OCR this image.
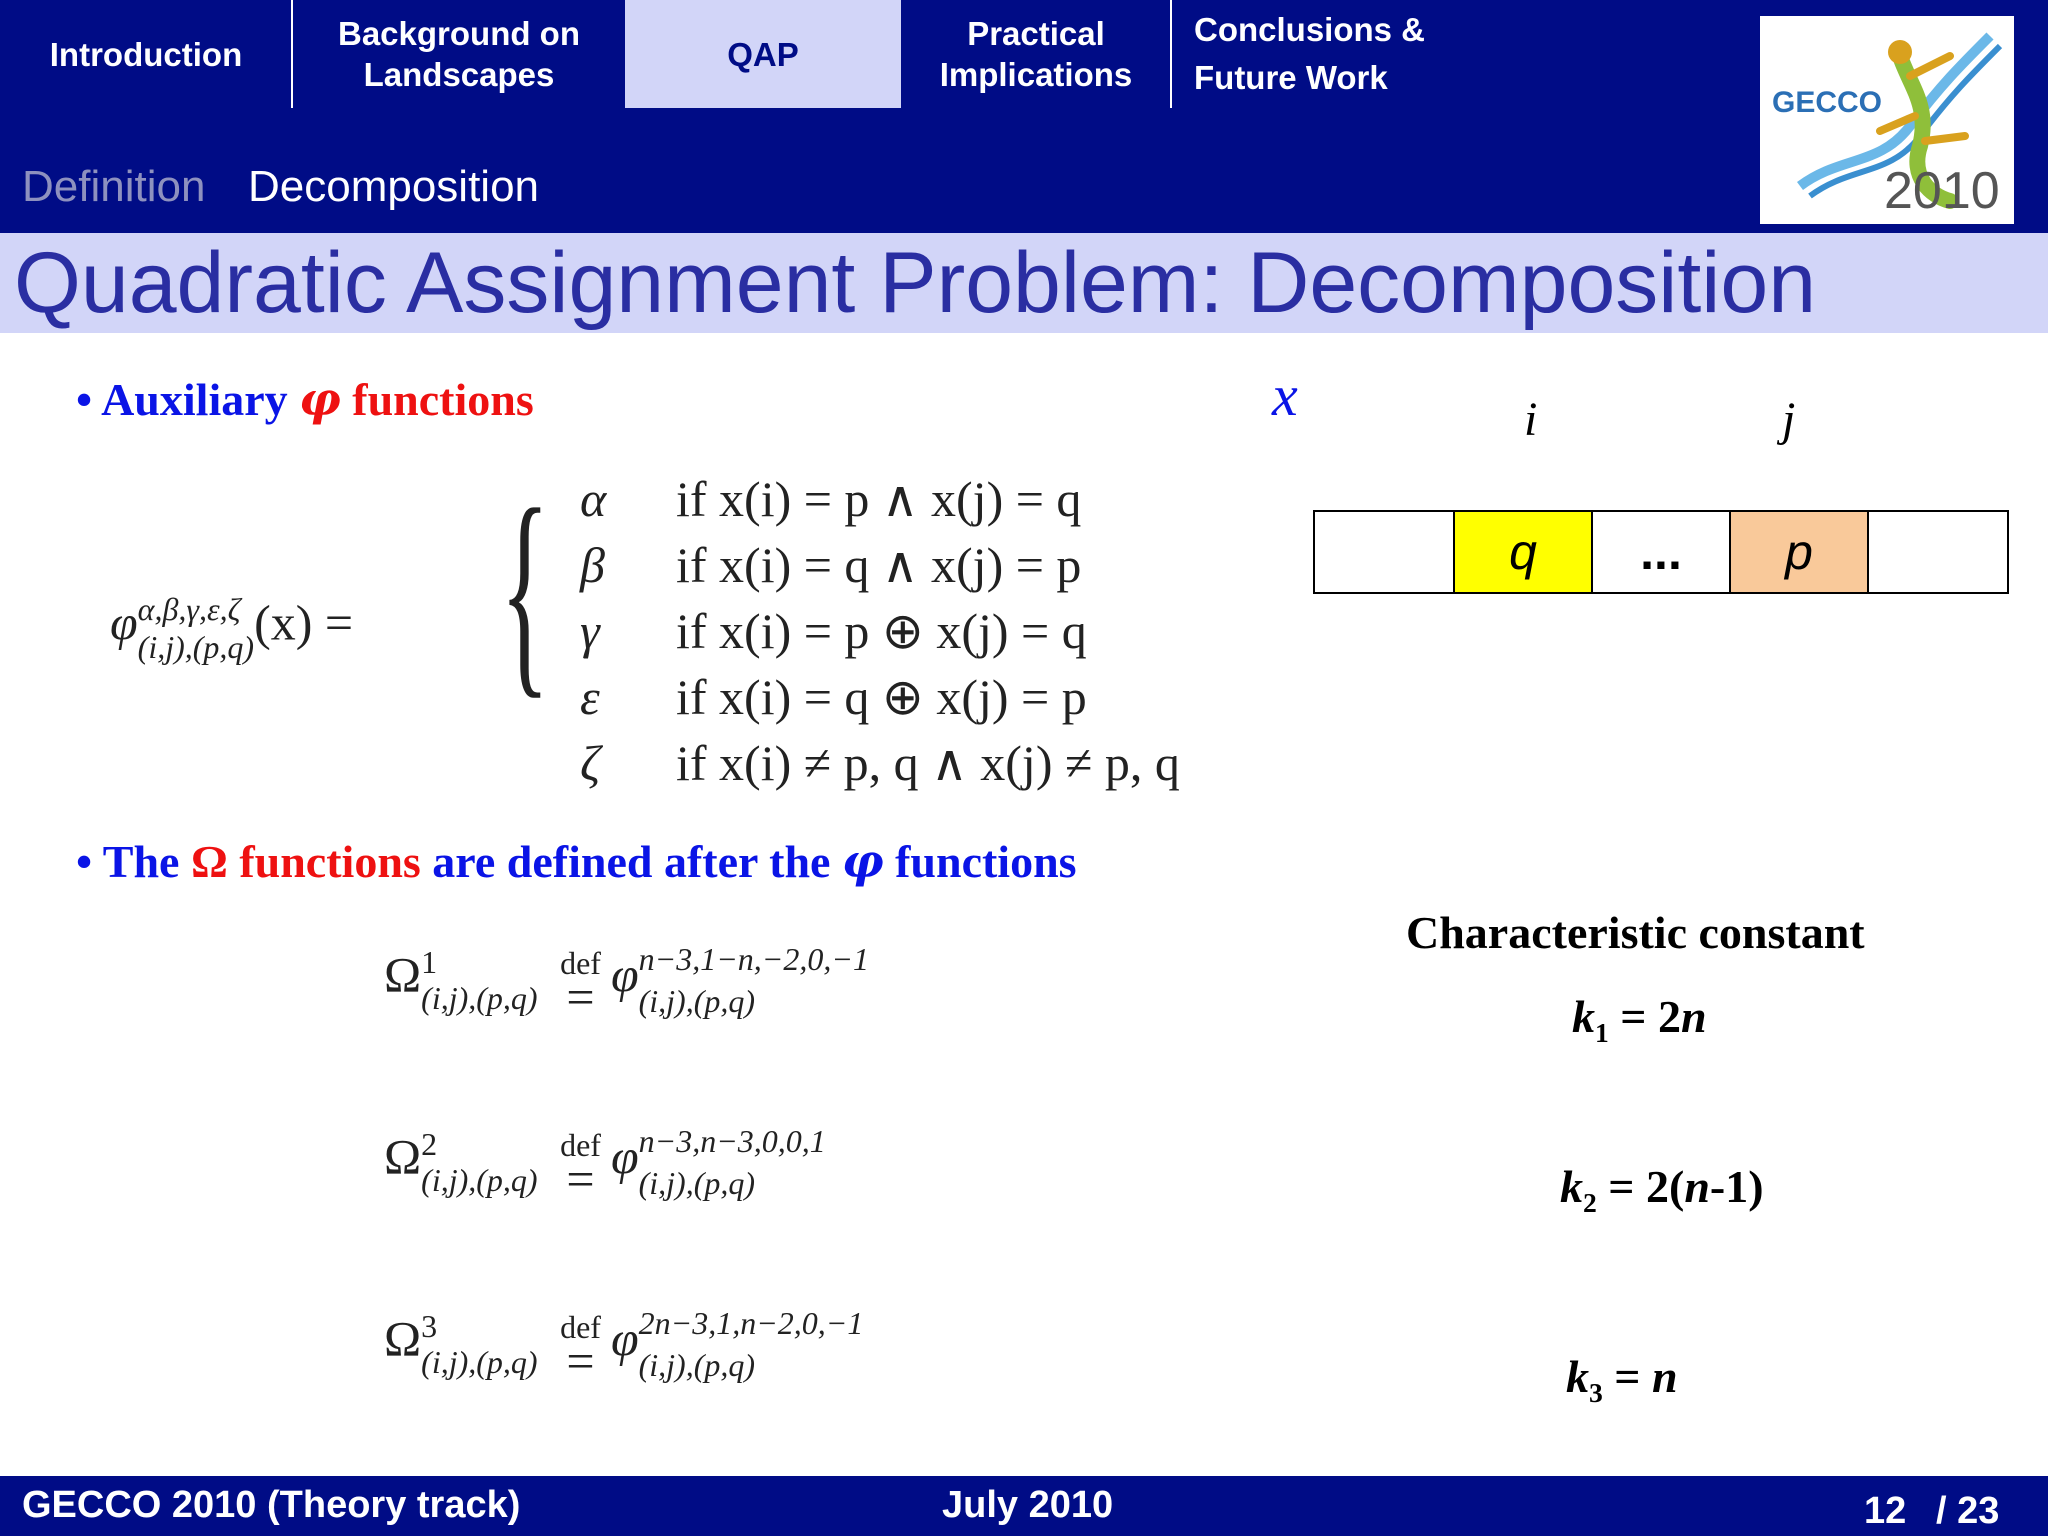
Introduction
Background on Landscapes
QAP
Practical Implications
Conclusions & Future Work
Definition Decomposition
GECCO
2010
Quadratic Assignment Problem: Decomposition
• Auxiliary φ functions
φ α,β,γ,ε,ζ
(i,j),(p,q) (x) = { α if x(i) = p ∧ x(j) = q
β if x(i) = q ∧ x(j) = p
γ if x(i) = p ⊕ x(j) = q
ε if x(i) = q ⊕ x(j) = p
ζ if x(i) ≠ p, q ∧ x(j) ≠ p, q
x	i	j
q	...	p
• The Ω functions are defined after the φ functions
Ω 1
(i,j),(p,q)

def
= φ n−3,1−n,−2,0,−1
(i,j),(p,q)
Ω 2
(i,j),(p,q)

def
= φ n−3,n−3,0,0,1
(i,j),(p,q)
Ω 3
(i,j),(p,q)

def
= φ 2n−3,1,n−2,0,−1
(i,j),(p,q)
Characteristic constant
$k_1 = 2n$
$k_2 = 2(n-1)$
$k_3 = n$
GECCO 2010 (Theory track)	July 2010	12 / 23
